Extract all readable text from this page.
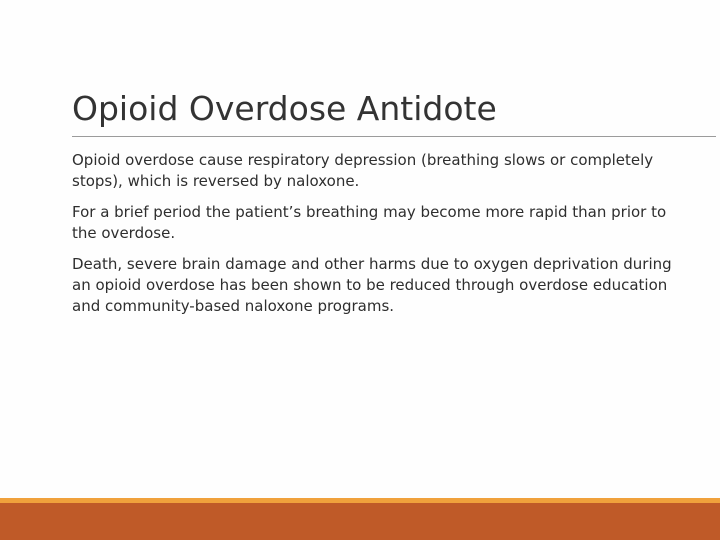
Opioid Overdose Antidote
Opioid overdose cause respiratory depression (breathing slows or completely stops), which is reversed by naloxone.
For a brief period the patient’s breathing may become more rapid than prior to the overdose.
Death, severe brain damage and other harms due to oxygen deprivation during an opioid overdose has been shown to be reduced through overdose education and community-based naloxone programs.
